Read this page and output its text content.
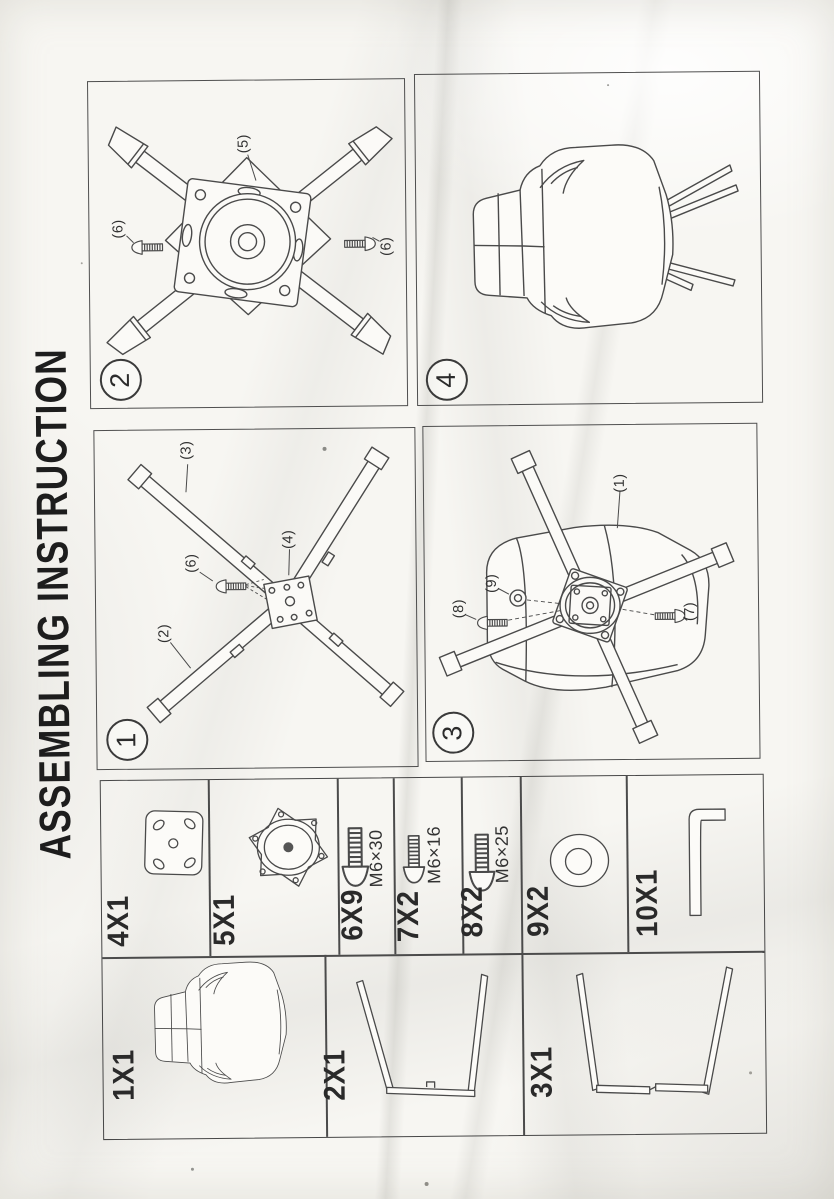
ASSEMBLING INSTRUCTION 2	4
1	3
(5)
(6)
(6)
(3)
(4)
(6)
(2)
(1)
(9)
(8)	(7)
4X1 5X1	6X9 7X2 8X2 9X2	10X1
1X1	2X1	3X1
M6×30 M6×16	M6×25
